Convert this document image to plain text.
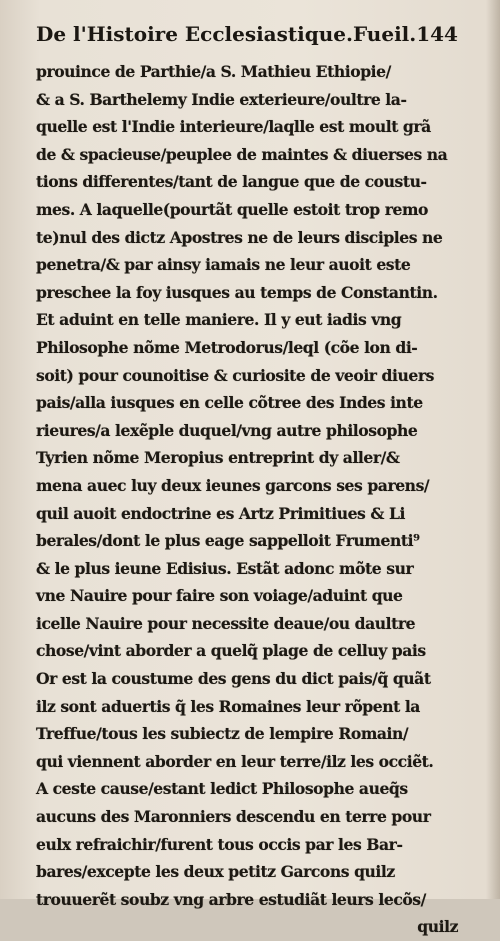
De l'Histoire Ecclesiastique. Fueil.144
prouince de Parthie/a S. Mathieu Ethiopie/
& a S. Barthelemy Indie exterieure/oultre la-
quelle est l'Indie interieure/laqlle est moult grã
de & spacieuse/peuplee de maintes & diuerses na
tions differentes/tant de langue que de coustu-
mes. A laquelle(pourtãt quelle estoit trop remo
te)nul des dictz Apostres ne de leurs disciples ne
penetra/& par ainsy iamais ne leur auoit este
preschee la foy iusques au temps de Constantin.
Et aduint en telle maniere. Il y eut iadis vng
Philosophe nõme Metrodorus/leql (cõe lon di-
soit) pour counoitise & curiosite de veoir diuers
pais/alla iusques en celle cõtree des Indes inte
rieures/a lexẽple duquel/vng autre philosophe
Tyrien nõme Meropius entreprint dy aller/&
mena auec luy deux ieunes garcons ses parens/
quil auoit endoctrine es Artz Primitiues & Li
berales/dont le plus eage sappelloit Frumenti⁹
& le plus ieune Edisius. Estãt adonc mõte sur
vne Nauire pour faire son voiage/aduint que
icelle Nauire pour necessite deaue/ou daultre
chose/vint aborder a quelq̃ plage de celluy pais
Or est la coustume des gens du dict pais/q̃ quãt
ilz sont aduertis q̃ les Romaines leur rõpent la
Treffue/tous les subiectz de lempire Romain/
qui viennent aborder en leur terre/ilz les occiẽt.
A ceste cause/estant ledict Philosophe aueq̃s
aucuns des Maronniers descendu en terre pour
eulx refraichir/furent tous occis par les Bar-
bares/excepte les deux petitz Garcons quilz
trouuerẽt soubz vng arbre estudiãt leurs lecõs/
quilz
